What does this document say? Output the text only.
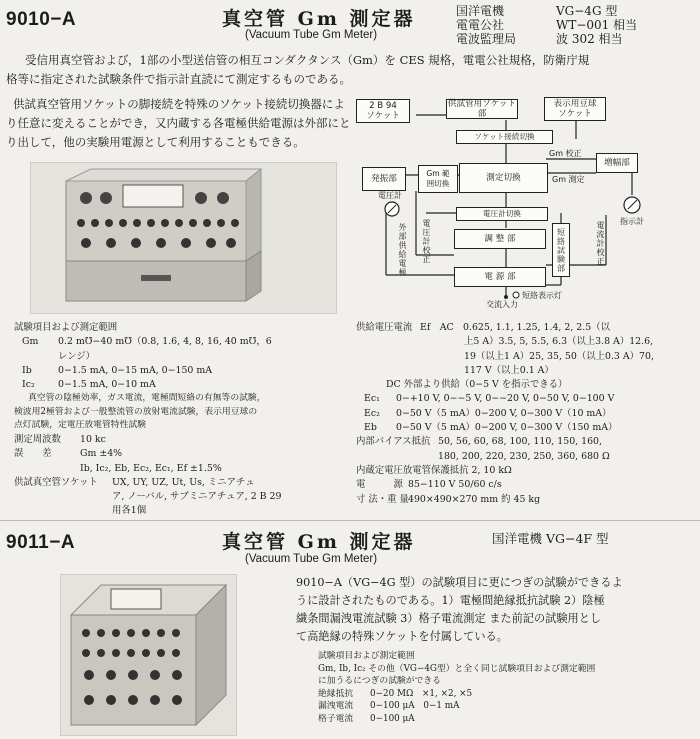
9010−A	真空管 Gm 測定器
(Vacuum Tube Gm Meter)
国洋電機	VG−4G 型
電電公社	WT−001 相当
電波監理局	波 302 相当
受信用真空管および，1部の小型送信管の相互コンダクタンス（Gm）を CES 規格，電電公社規格，防衛庁規
格等に指定された試験条件で指示計直読にて測定するものである。
供試真空管用ソケットの脚接続を特殊のソケット接続切換器によ
り任意に変えることができ，又内蔵する各電極供給電源は外部にと
り出して，他の実験用電源として利用することもできる。
2 B 94
ソケット
供試管用ソケット部
表示用豆球
ソケット
ソケット接続切換
Gm 校正
増幅部
発振部
Gm 範
囲切換
測定切換	Gm 測定
指示計
電圧計
電圧計切換
短絡試験部
電流計校正
外部供給電極
電圧計校正
調 整 部
電 源 部
短絡表示灯
交流入力
試験項目および測定範囲
Gm	0.2 m℧−40 m℧（0.8, 1.6, 4, 8, 16, 40 m℧，6
レンジ）
Ib	0−1.5 mA, 0−15 mA, 0−150 mA
Ic₂	0−1.5 mA, 0−10 mA
真空管の陰極効率，ガス電流，電極間短絡の有無等の試験，
検波用2極管および一般整流管の放射電流試験，表示用豆球の
点灯試験，定電圧放電管特性試験
測定周波数	10 kc
誤　　差	Gm ±4%
Ib, Ic₂, Eb, Ec₂, Ec₁, Ef ±1.5%
供試真空管ソケット	UX, UY, UZ, Ut, Us, ミニアチュ
ア, ノーバル, サブミニアチュア, 2 B 29
用各1個
供給電圧電流 Ef　AC　0.625, 1.1, 1.25, 1.4, 2, 2.5（以
上5 A）3.5, 5, 5.5, 6.3（以上3.8 A）12.6,
19（以上1 A）25, 35, 50（以上0.3 A）70,
117 V（以上0.1 A）
DC 外部より供給（0−5 V を指示できる）
Ec₁	0−+10 V, 0−−5 V, 0−−20 V, 0−50 V, 0−100 V
Ec₂	0−50 V（5 mA）0−200 V, 0−300 V（10 mA）
Eb	0−50 V（5 mA）0−200 V, 0−300 V（150 mA）
内部バイアス抵抗 50, 56, 60, 68, 100, 110, 150, 160,
180, 200, 220, 230, 250, 360, 680 Ω
内蔵定電圧放電管保護抵抗 2, 10 kΩ
電　　　源 85−110 V 50/60 c/s
寸 法・重 量 490×490×270 mm 約 45 kg
9011−A	真空管 Gm 測定器
(Vacuum Tube Gm Meter)
国洋電機 VG−4F 型
9010−A（VG−4G 型）の試験項目に更につぎの試験ができるよ
うに設計されたものである。1）電極間絶縁抵抗試験 2）陰極
繊条間漏洩電流試験 3）格子電流測定 また前記の試験用とし
て高絶縁の特殊ソケットを付属している。
試験項目および測定範囲
Gm, Ib, Ic₂ その他（VG−4G型）と全く同じ試験項目および測定範囲
に加うるにつぎの試験ができる
絶縁抵抗	0−20 MΩ　×1, ×2, ×5
漏洩電流	0−100 μA　0−1 mA
格子電流	0−100 μA
